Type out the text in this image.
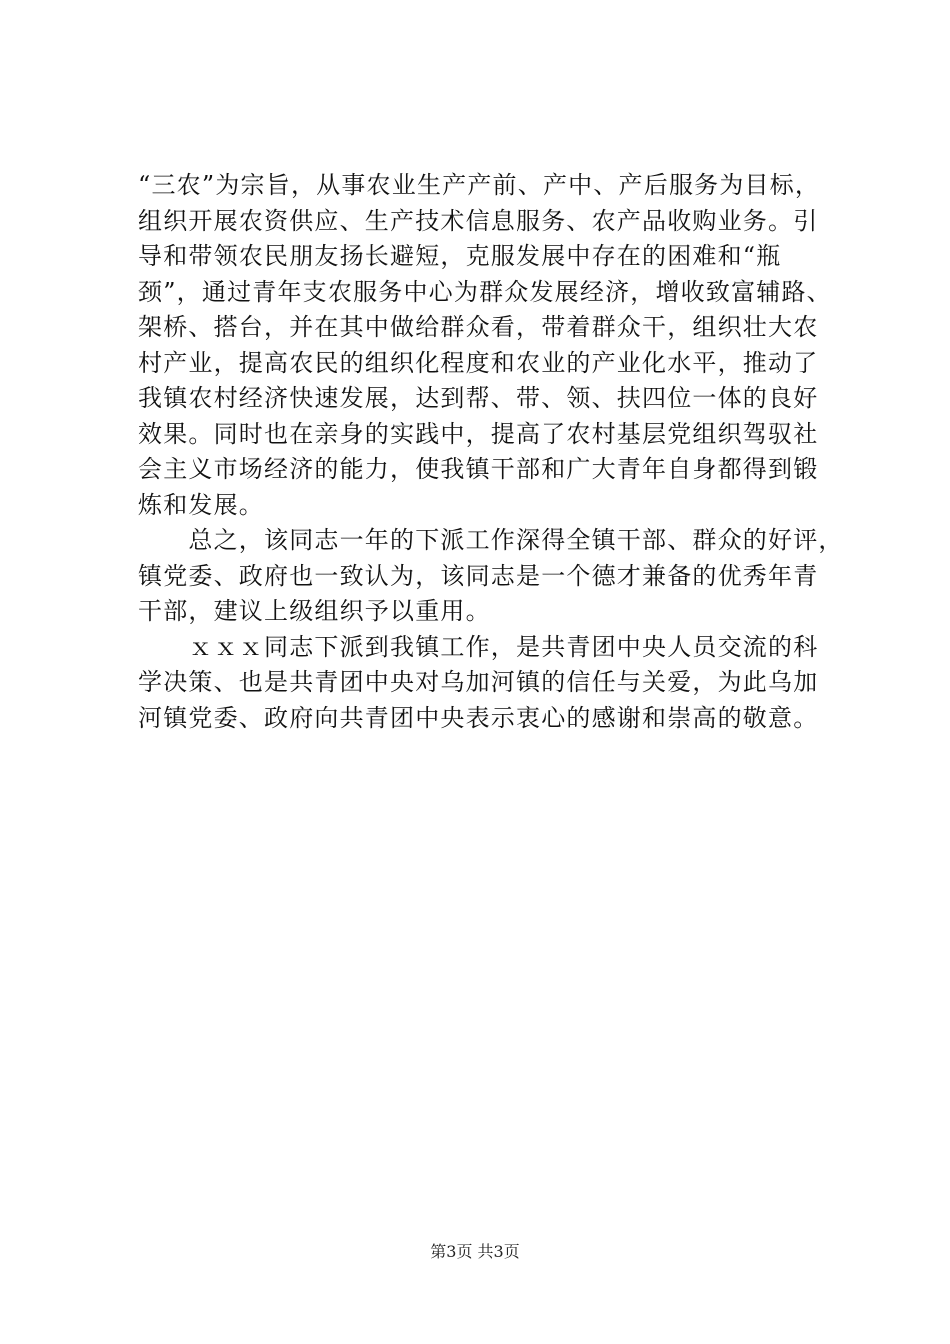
“三农”为宗旨，从事农业生产产前、产中、产后服务为目标，
组织开展农资供应、生产技术信息服务、农产品收购业务。引
导和带领农民朋友扬长避短，克服发展中存在的困难和“瓶
颈”，通过青年支农服务中心为群众发展经济，增收致富辅路、
架桥、搭台，并在其中做给群众看，带着群众干，组织壮大农
村产业，提高农民的组织化程度和农业的产业化水平，推动了
我镇农村经济快速发展，达到帮、带、领、扶四位一体的良好
效果。同时也在亲身的实践中，提高了农村基层党组织驾驭社
会主义市场经济的能力，使我镇干部和广大青年自身都得到锻
炼和发展。
　　总之，该同志一年的下派工作深得全镇干部、群众的好评，
镇党委、政府也一致认为，该同志是一个德才兼备的优秀年青
干部，建议上级组织予以重用。
　　ｘｘｘ同志下派到我镇工作，是共青团中央人员交流的科
学决策、也是共青团中央对乌加河镇的信任与关爱，为此乌加
河镇党委、政府向共青团中央表示衷心的感谢和崇高的敬意。
第3页 共3页
